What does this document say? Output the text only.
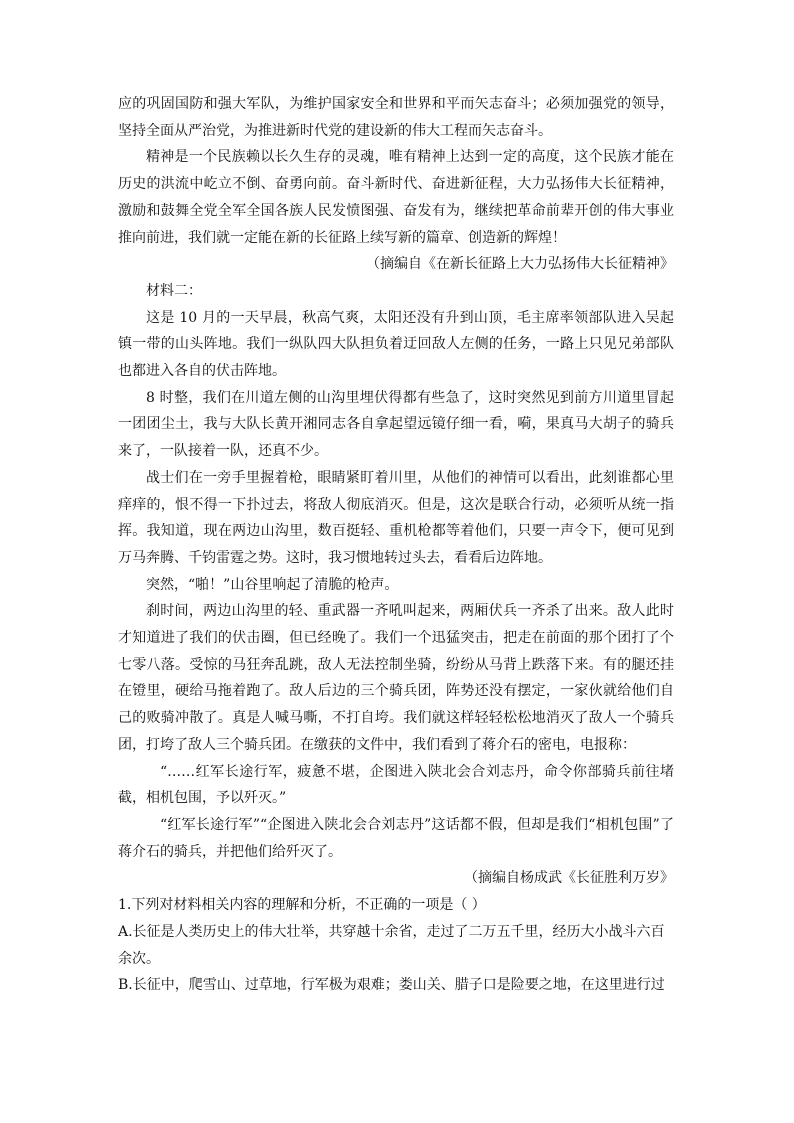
应的巩固国防和强大军队，为维护国家安全和世界和平而矢志奋斗；必须加强党的领导，坚持全面从严治党，为推进新时代党的建设新的伟大工程而矢志奋斗。

精神是一个民族赖以长久生存的灵魂，唯有精神上达到一定的高度，这个民族才能在历史的洪流中屹立不倒、奋勇向前。奋斗新时代、奋进新征程，大力弘扬伟大长征精神，激励和鼓舞全党全军全国各族人民发愤图强、奋发有为，继续把革命前辈开创的伟大事业推向前进，我们就一定能在新的长征路上续写新的篇章、创造新的辉煌！

（摘编自《在新长征路上大力弘扬伟大长征精神》

材料二：

这是 10 月的一天早晨，秋高气爽，太阳还没有升到山顶，毛主席率领部队进入吴起镇一带的山头阵地。我们一纵队四大队担负着迂回敌人左侧的任务，一路上只见兄弟部队也都进入各自的伏击阵地。

8 时整，我们在川道左侧的山沟里埋伏得都有些急了，这时突然见到前方川道里冒起一团团尘土，我与大队长黄开湘同志各自拿起望远镜仔细一看，嗬，果真马大胡子的骑兵来了，一队接着一队，还真不少。

战士们在一旁手里握着枪，眼睛紧盯着川里，从他们的神情可以看出，此刻谁都心里痒痒的，恨不得一下扑过去，将敌人彻底消灭。但是，这次是联合行动，必须听从统一指挥。我知道，现在两边山沟里，数百挺轻、重机枪都等着他们，只要一声令下，便可见到万马奔腾、千钧雷霆之势。这时，我习惯地转过头去，看看后边阵地。

突然，“啪！”山谷里响起了清脆的枪声。

刹时间，两边山沟里的轻、重武器一齐吼叫起来，两厢伏兵一齐杀了出来。敌人此时才知道进了我们的伏击圈，但已经晚了。我们一个迅猛突击，把走在前面的那个团打了个七零八落。受惊的马狂奔乱跳，敌人无法控制坐骑，纷纷从马背上跌落下来。有的腿还挂在镫里，硬给马拖着跑了。敌人后边的三个骑兵团，阵势还没有摆定，一家伙就给他们自己的败骑冲散了。真是人喊马嘶，不打自垮。我们就这样轻轻松松地消灭了敌人一个骑兵团，打垮了敌人三个骑兵团。在缴获的文件中，我们看到了蒋介石的密电，电报称：

“……红军长途行军，疲惫不堪，企图进入陕北会合刘志丹，命令你部骑兵前往堵截，相机包围，予以歼灭。”

“红军长途行军”“企图进入陕北会合刘志丹”这话都不假，但却是我们“相机包围”了蒋介石的骑兵，并把他们给歼灭了。

（摘编自杨成武《长征胜利万岁》

1.下列对材料相关内容的理解和分析，不正确的一项是（ ）

A.长征是人类历史上的伟大壮举，共穿越十余省，走过了二万五千里，经历大小战斗六百余次。

B.长征中，爬雪山、过草地，行军极为艰难；娄山关、腊子口是险要之地，在这里进行过
